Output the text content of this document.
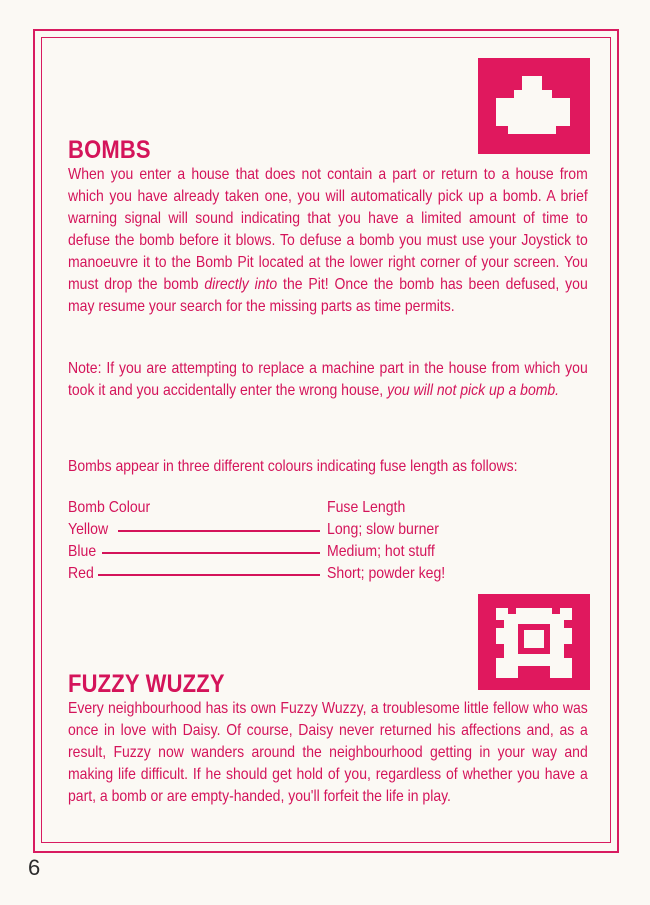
BOMBS

When you enter a house that does not contain a part or return to a house from which you have already taken one, you will automatically pick up a bomb. A brief warning signal will sound indicating that you have a limited amount of time to defuse the bomb before it blows. To defuse a bomb you must use your Joystick to manoeuvre it to the Bomb Pit located at the lower right corner of your screen. You must drop the bomb directly into the Pit! Once the bomb has been defused, you may resume your search for the missing parts as time permits.

Note: If you are attempting to replace a machine part in the house from which you took it and you accidentally enter the wrong house, you will not pick up a bomb.

Bombs appear in three different colours indicating fuse length as follows:

Bomb Colour	Fuse Length
Yellow	Long; slow burner
Blue	Medium; hot stuff
Red	Short; powder keg!
FUZZY WUZZY

Every neighbourhood has its own Fuzzy Wuzzy, a troublesome little fellow who was once in love with Daisy. Of course, Daisy never returned his affections and, as a result, Fuzzy now wanders around the neighbourhood getting in your way and making life difficult. If he should get hold of you, regardless of whether you have a part, a bomb or are empty-handed, you'll forfeit the life in play.

6
